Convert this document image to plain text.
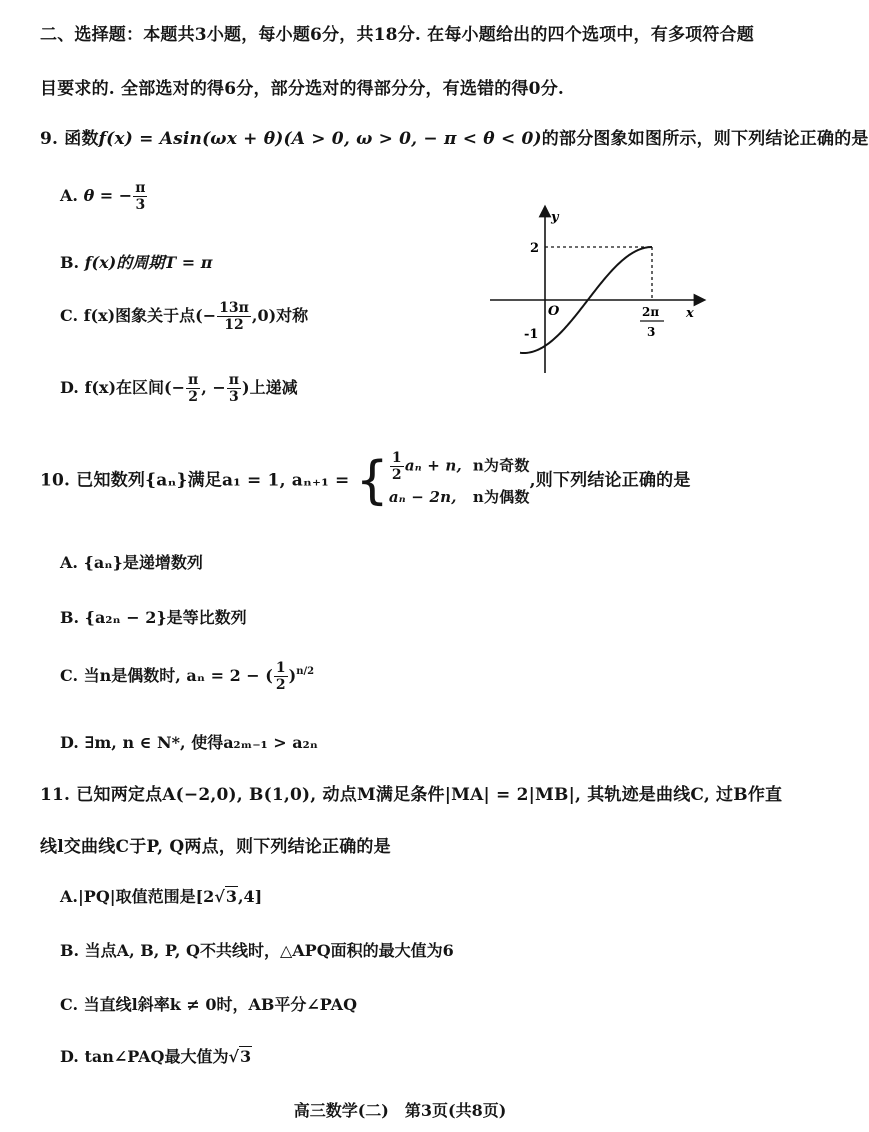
二、选择题：本题共3小题，每小题6分，共18分. 在每小题给出的四个选项中，有多项符合题
目要求的. 全部选对的得6分，部分选对的得部分分，有选错的得0分.
9. 函数f(x) = Asin(ωx + θ)(A > 0, ω > 0, − π < θ < 0)的部分图象如图所示，则下列结论正确的是
A. θ = − $\frac{\pi}{3}$
B. f(x)的周期T = π
C. f(x)图象关于点(− $\frac{13\pi}{12} ,0$)对称
D. f(x)在区间(− $\frac{\pi}{2}$ , − $\frac{\pi}{3}$ )上递减
y
x
O
2
-1
2π
3
10. 已知数列{aₙ}满足a₁ = 1, aₙ₊₁ = { $\frac{1}{2}$ aₙ + n, n为奇数
aₙ − 2n, n为偶数
,则下列结论正确的是
A. {aₙ}是递增数列
B. {a₂ₙ − 2}是等比数列
C. 当n是偶数时, aₙ = 2 − ( $\frac{1}{2} )^{n/2}$
D. ∃m, n ∈ N*, 使得a₂ₘ₋₁ > a₂ₙ
11. 已知两定点A(−2,0), B(1,0), 动点M满足条件|MA| = 2|MB|, 其轨迹是曲线C, 过B作直
线l交曲线C于P, Q两点，则下列结论正确的是
A.|PQ|取值范围是[2√3,4]
B. 当点A, B, P, Q不共线时，△APQ面积的最大值为6
C. 当直线l斜率k ≠ 0时，AB平分∠PAQ
D. tan∠PAQ最大值为√3
高三数学(二)　第3页(共8页)
